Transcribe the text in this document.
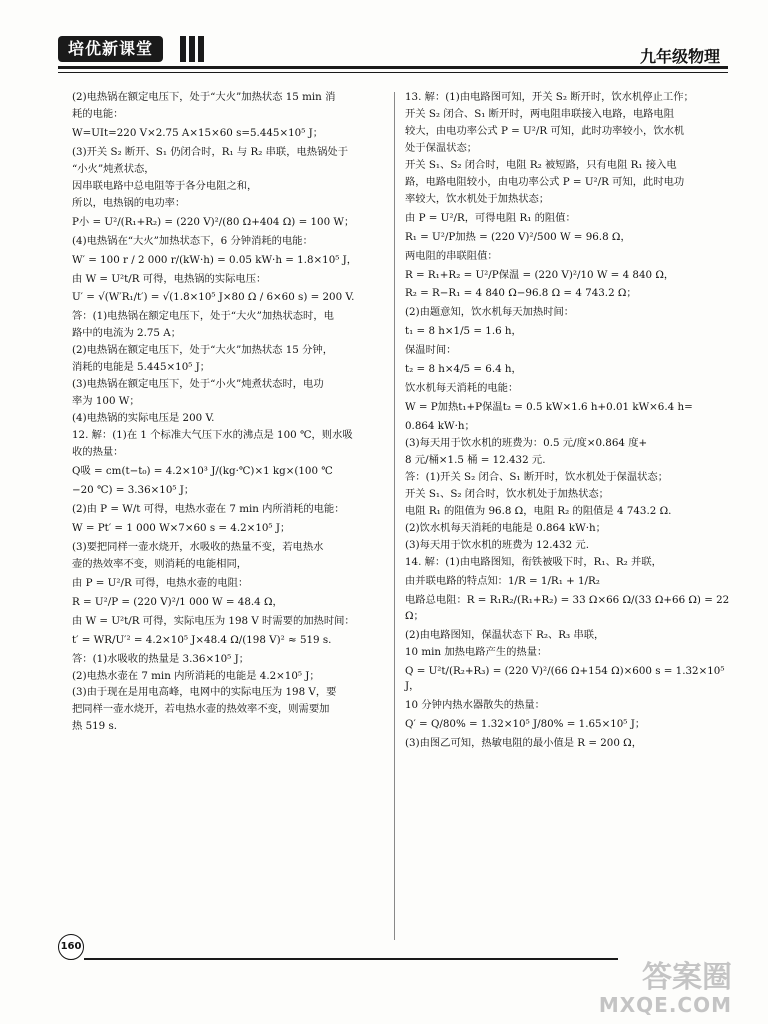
培优新课堂	九年级物理

(2)电热锅在额定电压下，处于“大火”加热状态 15 min 消

耗的电能：

W=UIt=220 V×2.75 A×15×60 s=5.445×10⁵ J；

(3)开关 S₂ 断开、S₁ 仍闭合时，R₁ 与 R₂ 串联，电热锅处于

“小火”炖煮状态，

因串联电路中总电阻等于各分电阻之和，

所以，电热锅的电功率：

P小 = U²/(R₁+R₂) = (220 V)²/(80 Ω+404 Ω) = 100 W；

(4)电热锅在“大火”加热状态下，6 分钟消耗的电能：

W′ = 100 r / 2 000 r/(kW·h) = 0.05 kW·h = 1.8×10⁵ J，

由 W = U²t/R 可得，电热锅的实际电压：

U′ = √(W′R₁/t′) = √(1.8×10⁵ J×80 Ω / 6×60 s) = 200 V.

答：(1)电热锅在额定电压下，处于“大火”加热状态时，电

路中的电流为 2.75 A；

(2)电热锅在额定电压下，处于“大火”加热状态 15 分钟，

消耗的电能是 5.445×10⁵ J；

(3)电热锅在额定电压下，处于“小火”炖煮状态时，电功

率为 100 W；

(4)电热锅的实际电压是 200 V.

12. 解：(1)在 1 个标准大气压下水的沸点是 100 ℃，则水吸

收的热量：

Q吸 = cm(t−t₀) = 4.2×10³ J/(kg·℃)×1 kg×(100 ℃

−20 ℃) = 3.36×10⁵ J；

(2)由 P = W/t 可得，电热水壶在 7 min 内所消耗的电能：

W = Pt′ = 1 000 W×7×60 s = 4.2×10⁵ J；

(3)要把同样一壶水烧开，水吸收的热量不变，若电热水

壶的热效率不变，则消耗的电能相同，

由 P = U²/R 可得，电热水壶的电阻：

R = U²/P = (220 V)²/1 000 W = 48.4 Ω，

由 W = U²t/R 可得，实际电压为 198 V 时需要的加热时间：

t′ = WR/U′² = 4.2×10⁵ J×48.4 Ω/(198 V)² ≈ 519 s.

答：(1)水吸收的热量是 3.36×10⁵ J；

(2)电热水壶在 7 min 内所消耗的电能是 4.2×10⁵ J；

(3)由于现在是用电高峰，电网中的实际电压为 198 V，要

把同样一壶水烧开，若电热水壶的热效率不变，则需要加

热 519 s.

13. 解：(1)由电路图可知，开关 S₂ 断开时，饮水机停止工作；

开关 S₂ 闭合、S₁ 断开时，两电阻串联接入电路，电路电阻

较大，由电功率公式 P = U²/R 可知，此时功率较小，饮水机

处于保温状态；

开关 S₁、S₂ 闭合时，电阻 R₂ 被短路，只有电阻 R₁ 接入电

路，电路电阻较小，由电功率公式 P = U²/R 可知，此时电功

率较大，饮水机处于加热状态；

由 P = U²/R，可得电阻 R₁ 的阻值：

R₁ = U²/P加热 = (220 V)²/500 W = 96.8 Ω，

两电阻的串联阻值：

R = R₁+R₂ = U²/P保温 = (220 V)²/10 W = 4 840 Ω，

R₂ = R−R₁ = 4 840 Ω−96.8 Ω = 4 743.2 Ω；

(2)由题意知，饮水机每天加热时间：

t₁ = 8 h×1/5 = 1.6 h，

保温时间：

t₂ = 8 h×4/5 = 6.4 h，

饮水机每天消耗的电能：

W = P加热t₁+P保温t₂ = 0.5 kW×1.6 h+0.01 kW×6.4 h=

0.864 kW·h；

(3)每天用于饮水机的班费为：0.5 元/度×0.864 度+

8 元/桶×1.5 桶 = 12.432 元.

答：(1)开关 S₂ 闭合、S₁ 断开时，饮水机处于保温状态；

开关 S₁、S₂ 闭合时，饮水机处于加热状态；

电阻 R₁ 的阻值为 96.8 Ω，电阻 R₂ 的阻值是 4 743.2 Ω.

(2)饮水机每天消耗的电能是 0.864 kW·h；

(3)每天用于饮水机的班费为 12.432 元.

14. 解：(1)由电路图知，衔铁被吸下时，R₁、R₂ 并联，

由并联电路的特点知：1/R = 1/R₁ + 1/R₂

电路总电阻：R = R₁R₂/(R₁+R₂) = 33 Ω×66 Ω/(33 Ω+66 Ω) = 22 Ω；

(2)由电路图知，保温状态下 R₂、R₃ 串联，

10 min 加热电路产生的热量：

Q = U²t/(R₂+R₃) = (220 V)²/(66 Ω+154 Ω)×600 s = 1.32×10⁵ J，

10 分钟内热水器散失的热量：

Q′ = Q/80% = 1.32×10⁵ J/80% = 1.65×10⁵ J；

(3)由图乙可知，热敏电阻的最小值是 R = 200 Ω，

160
答案圈
MXQE.COM
